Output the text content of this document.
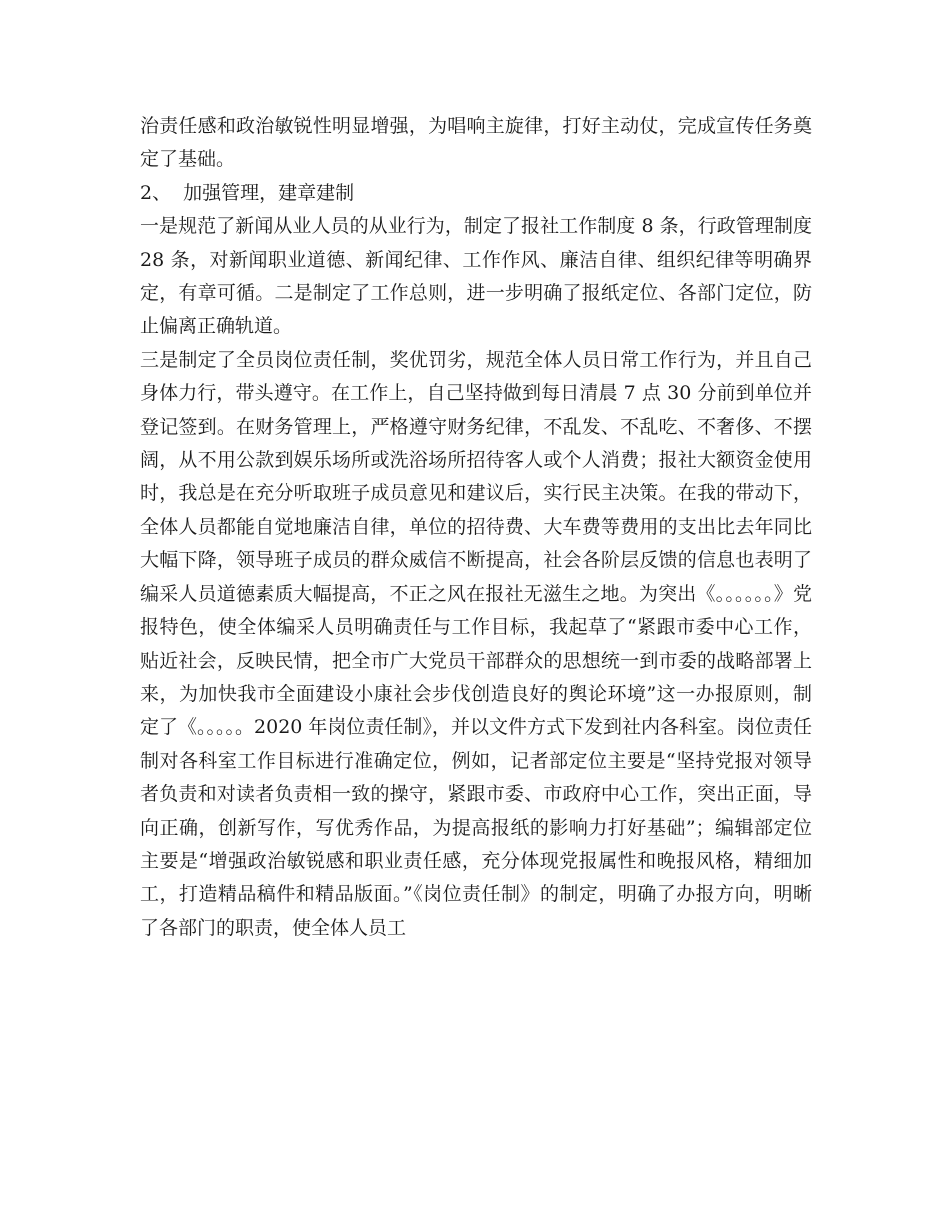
治责任感和政治敏锐性明显增强，为唱响主旋律，打好主动仗，完成宣传任务奠定了基础。

2、  加强管理，建章建制

一是规范了新闻从业人员的从业行为，制定了报社工作制度 8 条，行政管理制度 28 条，对新闻职业道德、新闻纪律、工作作风、廉洁自律、组织纪律等明确界定，有章可循。二是制定了工作总则，进一步明确了报纸定位、各部门定位，防止偏离正确轨道。

三是制定了全员岗位责任制，奖优罚劣，规范全体人员日常工作行为，并且自己身体力行，带头遵守。在工作上，自己坚持做到每日清晨 7 点 30 分前到单位并登记签到。在财务管理上，严格遵守财务纪律，不乱发、不乱吃、不奢侈、不摆阔，从不用公款到娱乐场所或洗浴场所招待客人或个人消费；报社大额资金使用时，我总是在充分听取班子成员意见和建议后，实行民主决策。在我的带动下，全体人员都能自觉地廉洁自律，单位的招待费、大车费等费用的支出比去年同比大幅下降，领导班子成员的群众威信不断提高，社会各阶层反馈的信息也表明了编采人员道德素质大幅提高，不正之风在报社无滋生之地。为突出《。。。。。。》党报特色，使全体编采人员明确责任与工作目标，我起草了“紧跟市委中心工作，贴近社会，反映民情，把全市广大党员干部群众的思想统一到市委的战略部署上来，为加快我市全面建设小康社会步伐创造良好的舆论环境”这一办报原则，制定了《。。。。。2020 年岗位责任制》，并以文件方式下发到社内各科室。岗位责任制对各科室工作目标进行准确定位，例如，记者部定位主要是“坚持党报对领导者负责和对读者负责相一致的操守，紧跟市委、市政府中心工作，突出正面，导向正确，创新写作，写优秀作品，为提高报纸的影响力打好基础”；编辑部定位主要是“增强政治敏锐感和职业责任感，充分体现党报属性和晚报风格，精细加工，打造精品稿件和精品版面。”《岗位责任制》的制定，明确了办报方向，明晰了各部门的职责，使全体人员工
